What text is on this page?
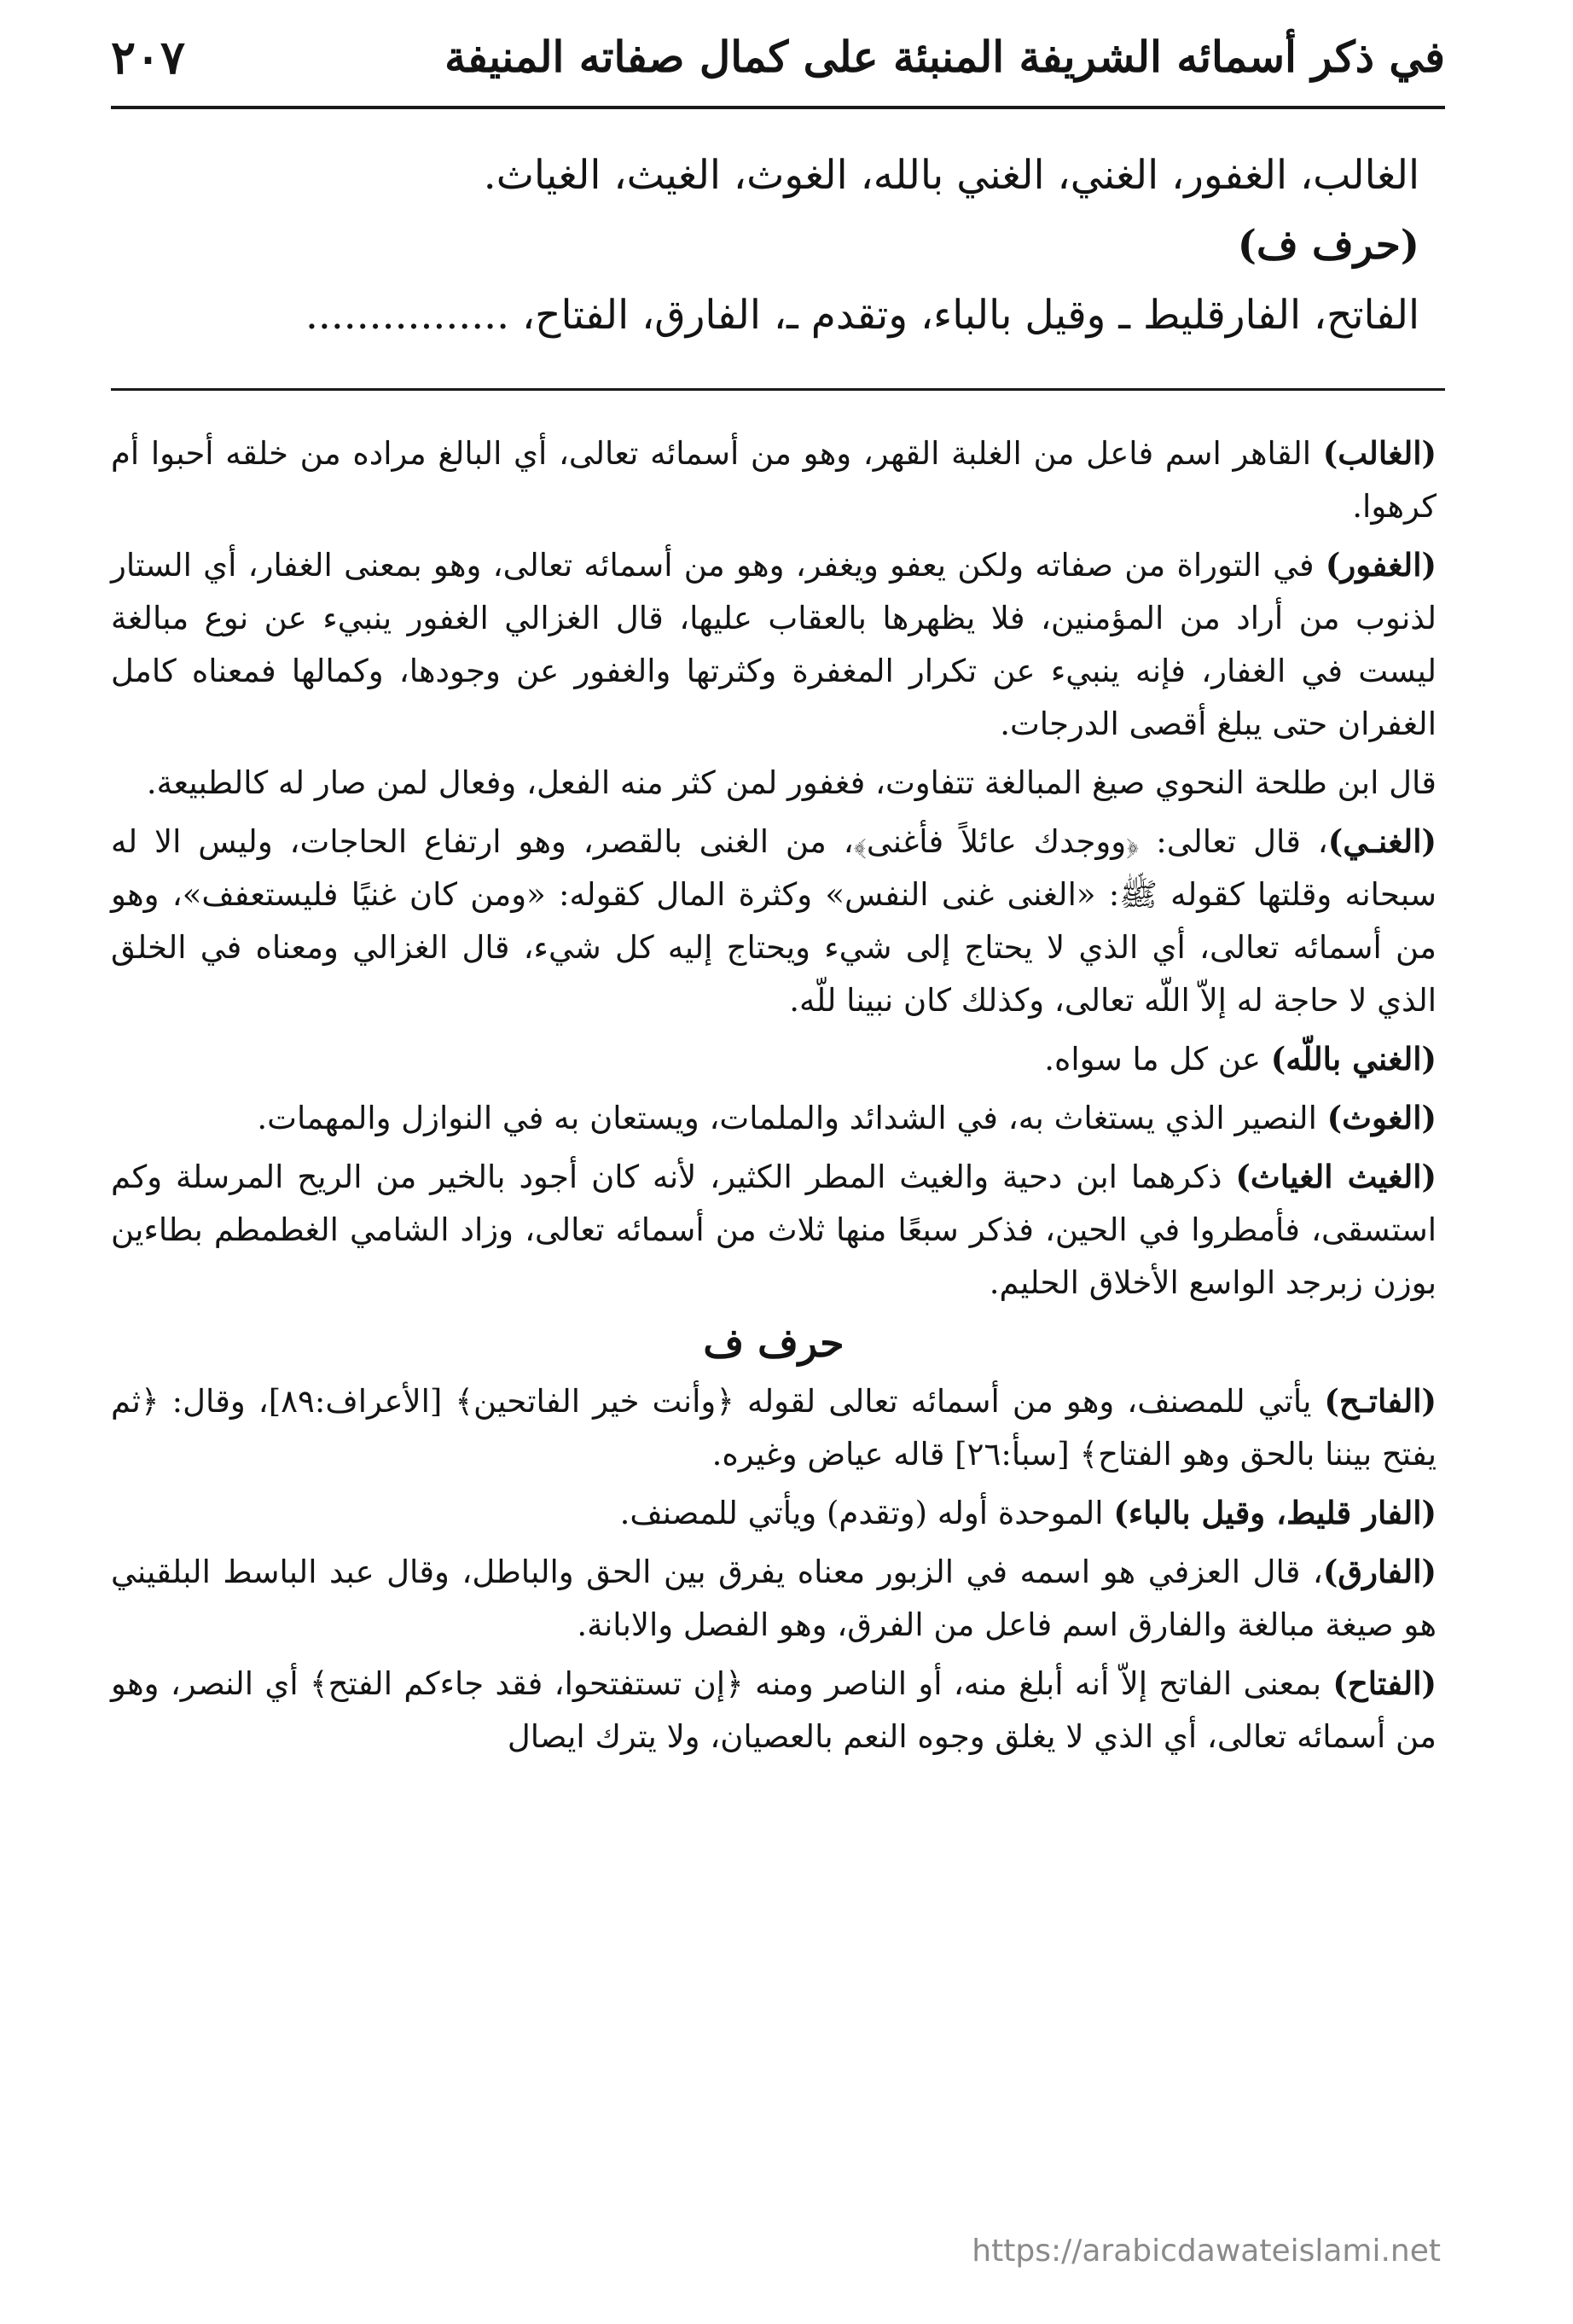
في ذكر أسمائه الشريفة المنبئة على كمال صفاته المنيفة
٢٠٧
الغالب، الغفور، الغني، الغني بالله، الغوث، الغيث، الغياث.
(حرف ف)
الفاتح، الفارقليط ـ وقيل بالباء، وتقدم ـ، الفارق، الفتاح، ................

(الغالب) القاهر اسم فاعل من الغلبة القهر، وهو من أسمائه تعالى، أي البالغ مراده من خلقه أحبوا أم كرهوا.

(الغفور) في التوراة من صفاته ولكن يعفو ويغفر، وهو من أسمائه تعالى، وهو بمعنى الغفار، أي الستار لذنوب من أراد من المؤمنين، فلا يظهرها بالعقاب عليها، قال الغزالي الغفور ينبيء عن نوع مبالغة ليست في الغفار، فإنه ينبيء عن تكرار المغفرة وكثرتها والغفور عن وجودها، وكمالها فمعناه كامل الغفران حتى يبلغ أقصى الدرجات.

قال ابن طلحة النحوي صيغ المبالغة تتفاوت، فغفور لمن كثر منه الفعل، وفعال لمن صار له كالطبيعة.

(الغنـي)، قال تعالى: ﴿ووجدك عائلاً فأغنى﴾، من الغنى بالقصر، وهو ارتفاع الحاجات، وليس الا له سبحانه وقلتها كقوله ﷺ: «الغنى غنى النفس» وكثرة المال كقوله: «ومن كان غنيًا فليستعفف»، وهو من أسمائه تعالى، أي الذي لا يحتاج إلى شيء ويحتاج إليه كل شيء، قال الغزالي ومعناه في الخلق الذي لا حاجة له إلاّ اللّه تعالى، وكذلك كان نبينا للّه.

(الغني باللّه) عن كل ما سواه.

(الغوث) النصير الذي يستغاث به، في الشدائد والملمات، ويستعان به في النوازل والمهمات.

(الغيث الغياث) ذكرهما ابن دحية والغيث المطر الكثير، لأنه كان أجود بالخير من الريح المرسلة وكم استسقى، فأمطروا في الحين، فذكر سبعًا منها ثلاث من أسمائه تعالى، وزاد الشامي الغطمطم بطاءين بوزن زبرجد الواسع الأخلاق الحليم.

حرف ف

(الفاتـح) يأتي للمصنف، وهو من أسمائه تعالى لقوله ﴿وأنت خير الفاتحين﴾ [الأعراف:٨٩]، وقال: ﴿ثم يفتح بيننا بالحق وهو الفتاح﴾ [سبأ:٢٦] قاله عياض وغيره.

(الفار قليط، وقيل بالباء) الموحدة أوله (وتقدم) ويأتي للمصنف.

(الفارق)، قال العزفي هو اسمه في الزبور معناه يفرق بين الحق والباطل، وقال عبد الباسط البلقيني هو صيغة مبالغة والفارق اسم فاعل من الفرق، وهو الفصل والابانة.

(الفتاح) بمعنى الفاتح إلاّ أنه أبلغ منه، أو الناصر ومنه ﴿إن تستفتحوا، فقد جاءكم الفتح﴾ أي النصر، وهو من أسمائه تعالى، أي الذي لا يغلق وجوه النعم بالعصيان، ولا يترك ايصال

https://arabicdawateislami.net
